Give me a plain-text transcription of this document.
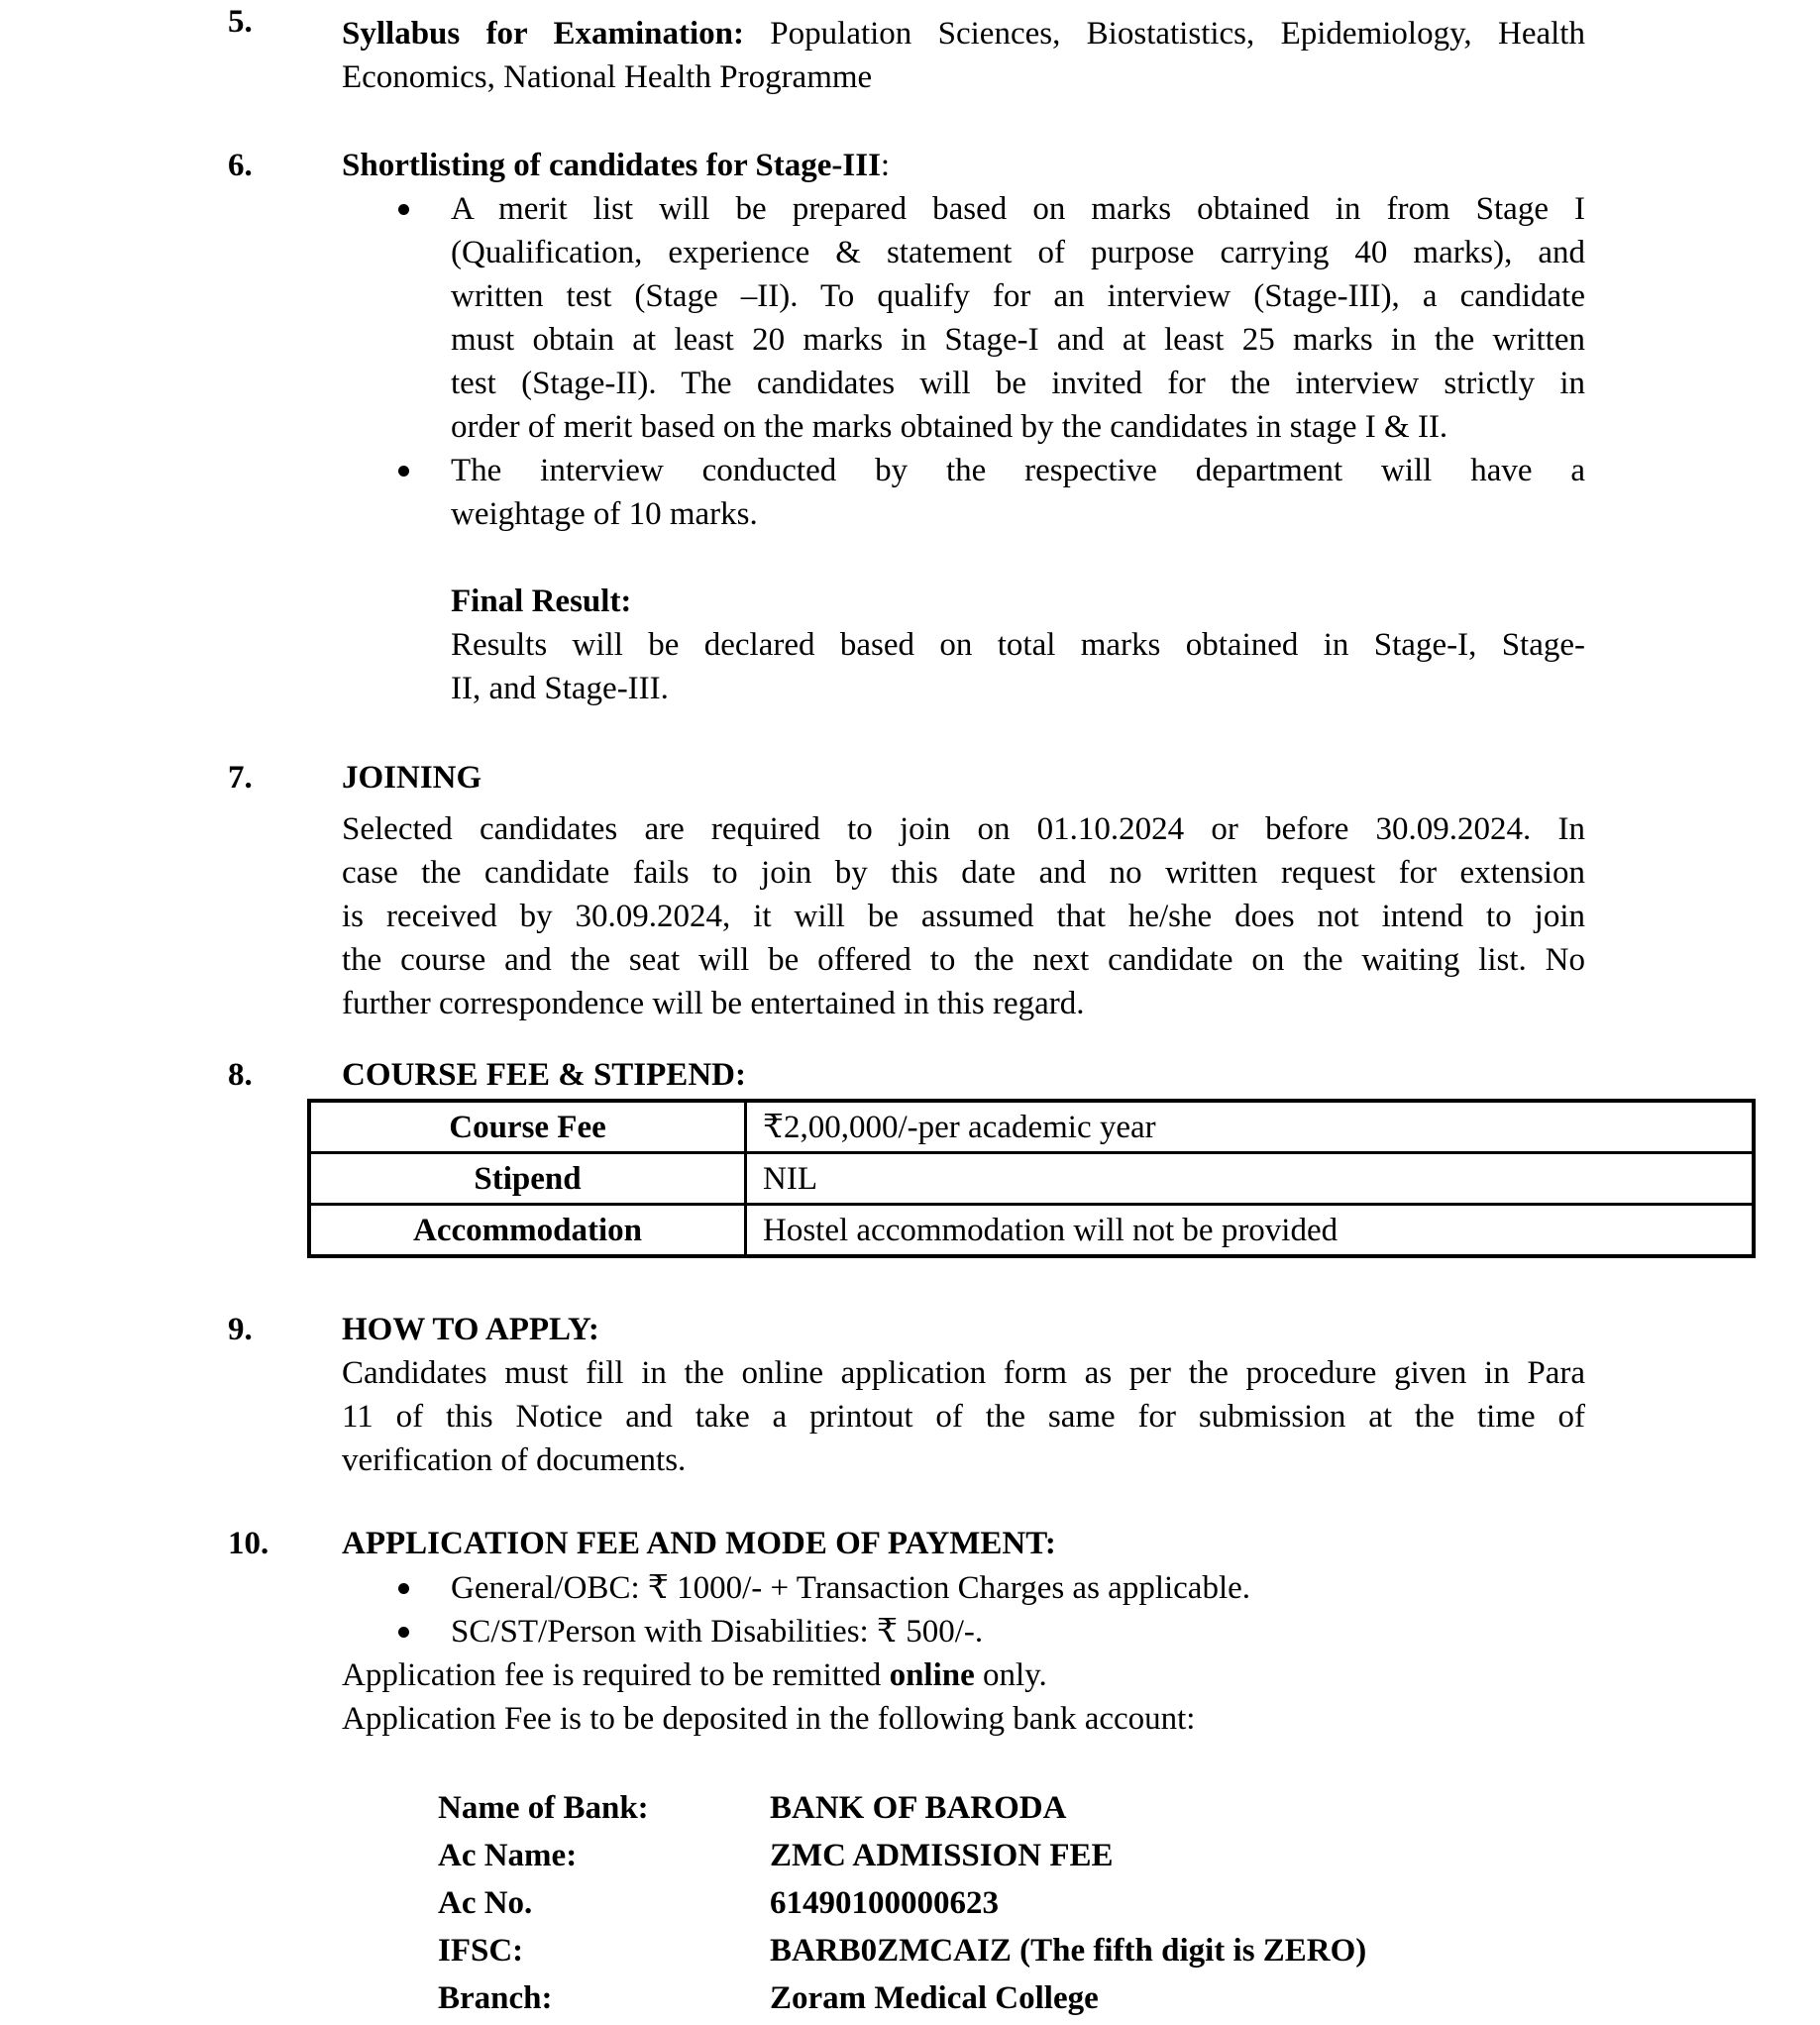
5.	Syllabus for Examination: Population Sciences, Biostatistics, Epidemiology, Health
Economics, National Health Programme
6.	Shortlisting of candidates for Stage-III:
A merit list will be prepared based on marks obtained in from Stage I
(Qualification, experience & statement of purpose carrying 40 marks), and
written test (Stage –II). To qualify for an interview (Stage-III), a candidate
must obtain at least 20 marks in Stage-I and at least 25 marks in the written
test (Stage-II). The candidates will be invited for the interview strictly in
order of merit based on the marks obtained by the candidates in stage I & II.
The interview conducted by the respective department will have a
weightage of 10 marks.
Final Result:
Results will be declared based on total marks obtained in Stage-I, Stage-
II, and Stage-III.
7.	JOINING
Selected candidates are required to join on 01.10.2024 or before 30.09.2024. In
case the candidate fails to join by this date and no written request for extension
is received by 30.09.2024, it will be assumed that he/she does not intend to join
the course and the seat will be offered to the next candidate on the waiting list. No
further correspondence will be entertained in this regard.
8.	COURSE FEE & STIPEND:
Course Fee	₹2,00,000/-per academic year
Stipend	NIL
Accommodation	Hostel accommodation will not be provided
9.	HOW TO APPLY:
Candidates must fill in the online application form as per the procedure given in Para
11 of this Notice and take a printout of the same for submission at the time of
verification of documents.
10. APPLICATION FEE AND MODE OF PAYMENT:
General/OBC: ₹ 1000/- + Transaction Charges as applicable.
SC/ST/Person with Disabilities: ₹ 500/-.
Application fee is required to be remitted online only.
Application Fee is to be deposited in the following bank account:
Name of Bank:	BANK OF BARODA
Ac Name:	ZMC ADMISSION FEE
Ac No.	61490100000623
IFSC:	BARB0ZMCAIZ (The fifth digit is ZERO)
Branch:	Zoram Medical College
